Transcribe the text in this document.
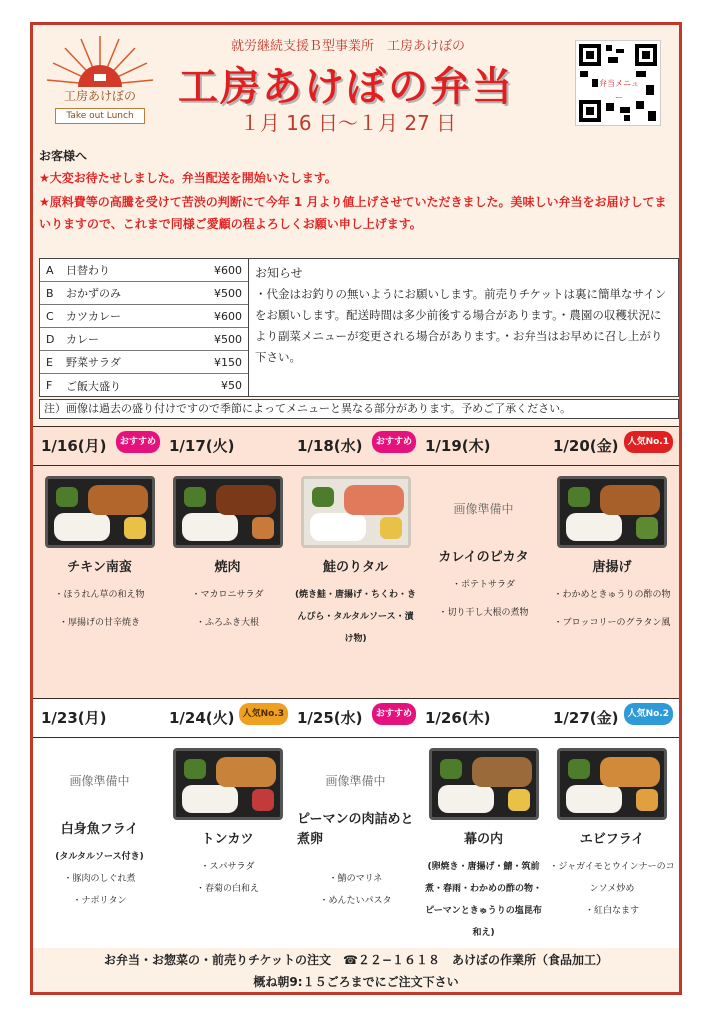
工房あけぼの
Take out Lunch
就労継続支援Ｂ型事業所　工房あけぼの
工房あけぼの弁当
１月 16 日〜１月 27 日
弁当メニュー
お客様へ
★大変お待たせしました。弁当配送を開始いたします。
★原料費等の高騰を受けて苦渋の判断にて今年 1 月より値上げさせていただきました。美味しい弁当をお届けしてまいりますので、これまで同様ご愛顧の程よろしくお願い申し上げます。
A	日替わり	¥600
B	おかずのみ	¥500
C	カツカレー	¥600
D	カレー	¥500
E	野菜サラダ	¥150
F	ご飯大盛り	¥50
お知らせ
・代金はお釣りの無いようにお願いします。前売りチケットは裏に簡単なサインをお願いします。配送時間は多少前後する場合があります。・農園の収穫状況により副菜メニューが変更される場合があります。・お弁当はお早めに召し上がり下さい。
注）画像は過去の盛り付けですので季節によってメニューと異なる部分があります。予めご了承ください。
1/16(月)	おすすめ
チキン南蛮
・ほうれん草の和え物
・厚揚げの甘辛焼き
1/17(火)
焼肉
・マカロニサラダ
・ふろふき大根
1/18(水)	おすすめ
鮭のりタル
(焼き鮭・唐揚げ・ちくわ・きんぴら・タルタルソース・漬け物)
1/19(木)
画像準備中
カレイのピカタ
・ポテトサラダ
・切り干し大根の煮物
1/20(金)	人気No.1
唐揚げ
・わかめときゅうりの酢の物
・ブロッコリーのグラタン風
1/23(月)
画像準備中
白身魚フライ
(タルタルソース付き)
・豚肉のしぐれ煮
・ナポリタン
1/24(火) 人気No.3
トンカツ
・スパサラダ
・春菊の白和え
1/25(水)	おすすめ
画像準備中
ピーマンの肉詰めと煮卵
・鯖のマリネ
・めんたいパスタ
1/26(木)
幕の内
(卵焼き・唐揚げ・鯖・筑前煮・春雨・わかめの酢の物・ピーマンときゅうりの塩昆布和え)
1/27(金)	人気No.2
エビフライ
・ジャガイモとウインナーのコンソメ炒め
・紅白なます
お弁当・お惣菜の・前売りチケットの注文　☎２２−１６１８　あけぼの作業所（食品加工）
概ね朝9:１５ごろまでにご注文下さい
